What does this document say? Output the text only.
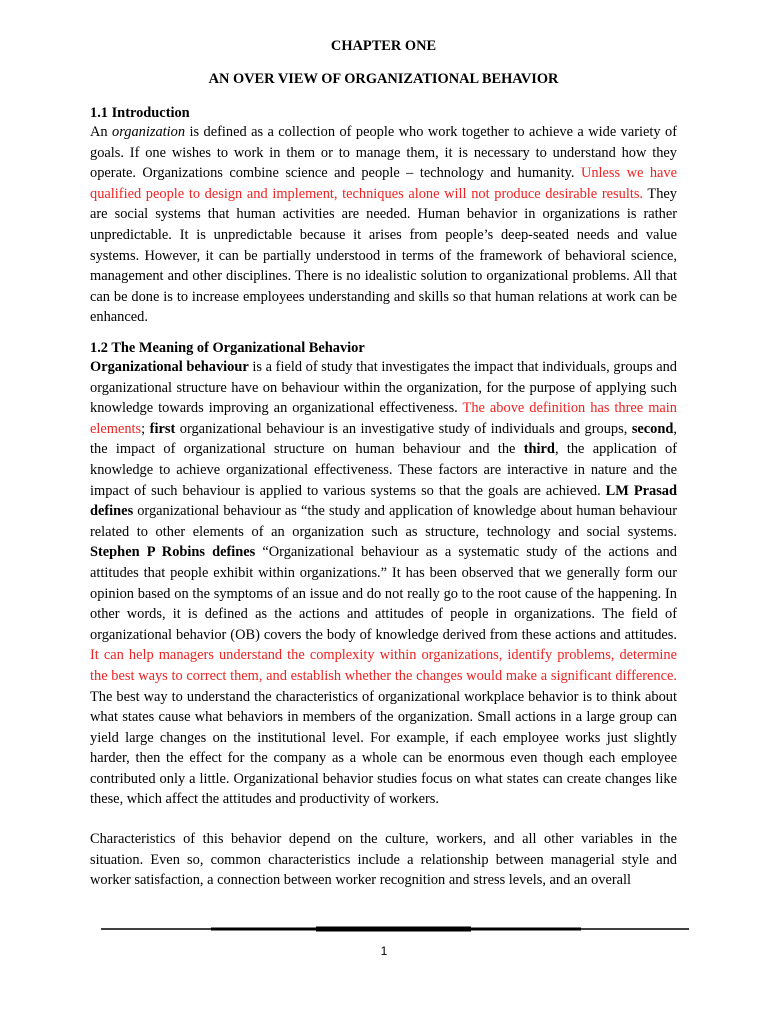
CHAPTER ONE
AN OVER VIEW OF ORGANIZATIONAL BEHAVIOR
1.1 Introduction
An organization is defined as a collection of people who work together to achieve a wide variety of goals. If one wishes to work in them or to manage them, it is necessary to understand how they operate. Organizations combine science and people – technology and humanity. Unless we have qualified people to design and implement, techniques alone will not produce desirable results. They are social systems that human activities are needed. Human behavior in organizations is rather unpredictable. It is unpredictable because it arises from people’s deep-seated needs and value systems. However, it can be partially understood in terms of the framework of behavioral science, management and other disciplines. There is no idealistic solution to organizational problems. All that can be done is to increase employees understanding and skills so that human relations at work can be enhanced.
1.2 The Meaning of Organizational Behavior
Organizational behaviour is a field of study that investigates the impact that individuals, groups and organizational structure have on behaviour within the organization, for the purpose of applying such knowledge towards improving an organizational effectiveness. The above definition has three main elements; first organizational behaviour is an investigative study of individuals and groups, second, the impact of organizational structure on human behaviour and the third, the application of knowledge to achieve organizational effectiveness. These factors are interactive in nature and the impact of such behaviour is applied to various systems so that the goals are achieved. LM Prasad defines organizational behaviour as “the study and application of knowledge about human behaviour related to other elements of an organization such as structure, technology and social systems. Stephen P Robins defines “Organizational behaviour as a systematic study of the actions and attitudes that people exhibit within organizations.” It has been observed that we generally form our opinion based on the symptoms of an issue and do not really go to the root cause of the happening. In other words, it is defined as the actions and attitudes of people in organizations. The field of organizational behavior (OB) covers the body of knowledge derived from these actions and attitudes. It can help managers understand the complexity within organizations, identify problems, determine the best ways to correct them, and establish whether the changes would make a significant difference. The best way to understand the characteristics of organizational workplace behavior is to think about what states cause what behaviors in members of the organization. Small actions in a large group can yield large changes on the institutional level. For example, if each employee works just slightly harder, then the effect for the company as a whole can be enormous even though each employee contributed only a little. Organizational behavior studies focus on what states can create changes like these, which affect the attitudes and productivity of workers.
Characteristics of this behavior depend on the culture, workers, and all other variables in the situation. Even so, common characteristics include a relationship between managerial style and worker satisfaction, a connection between worker recognition and stress levels, and an overall
1
